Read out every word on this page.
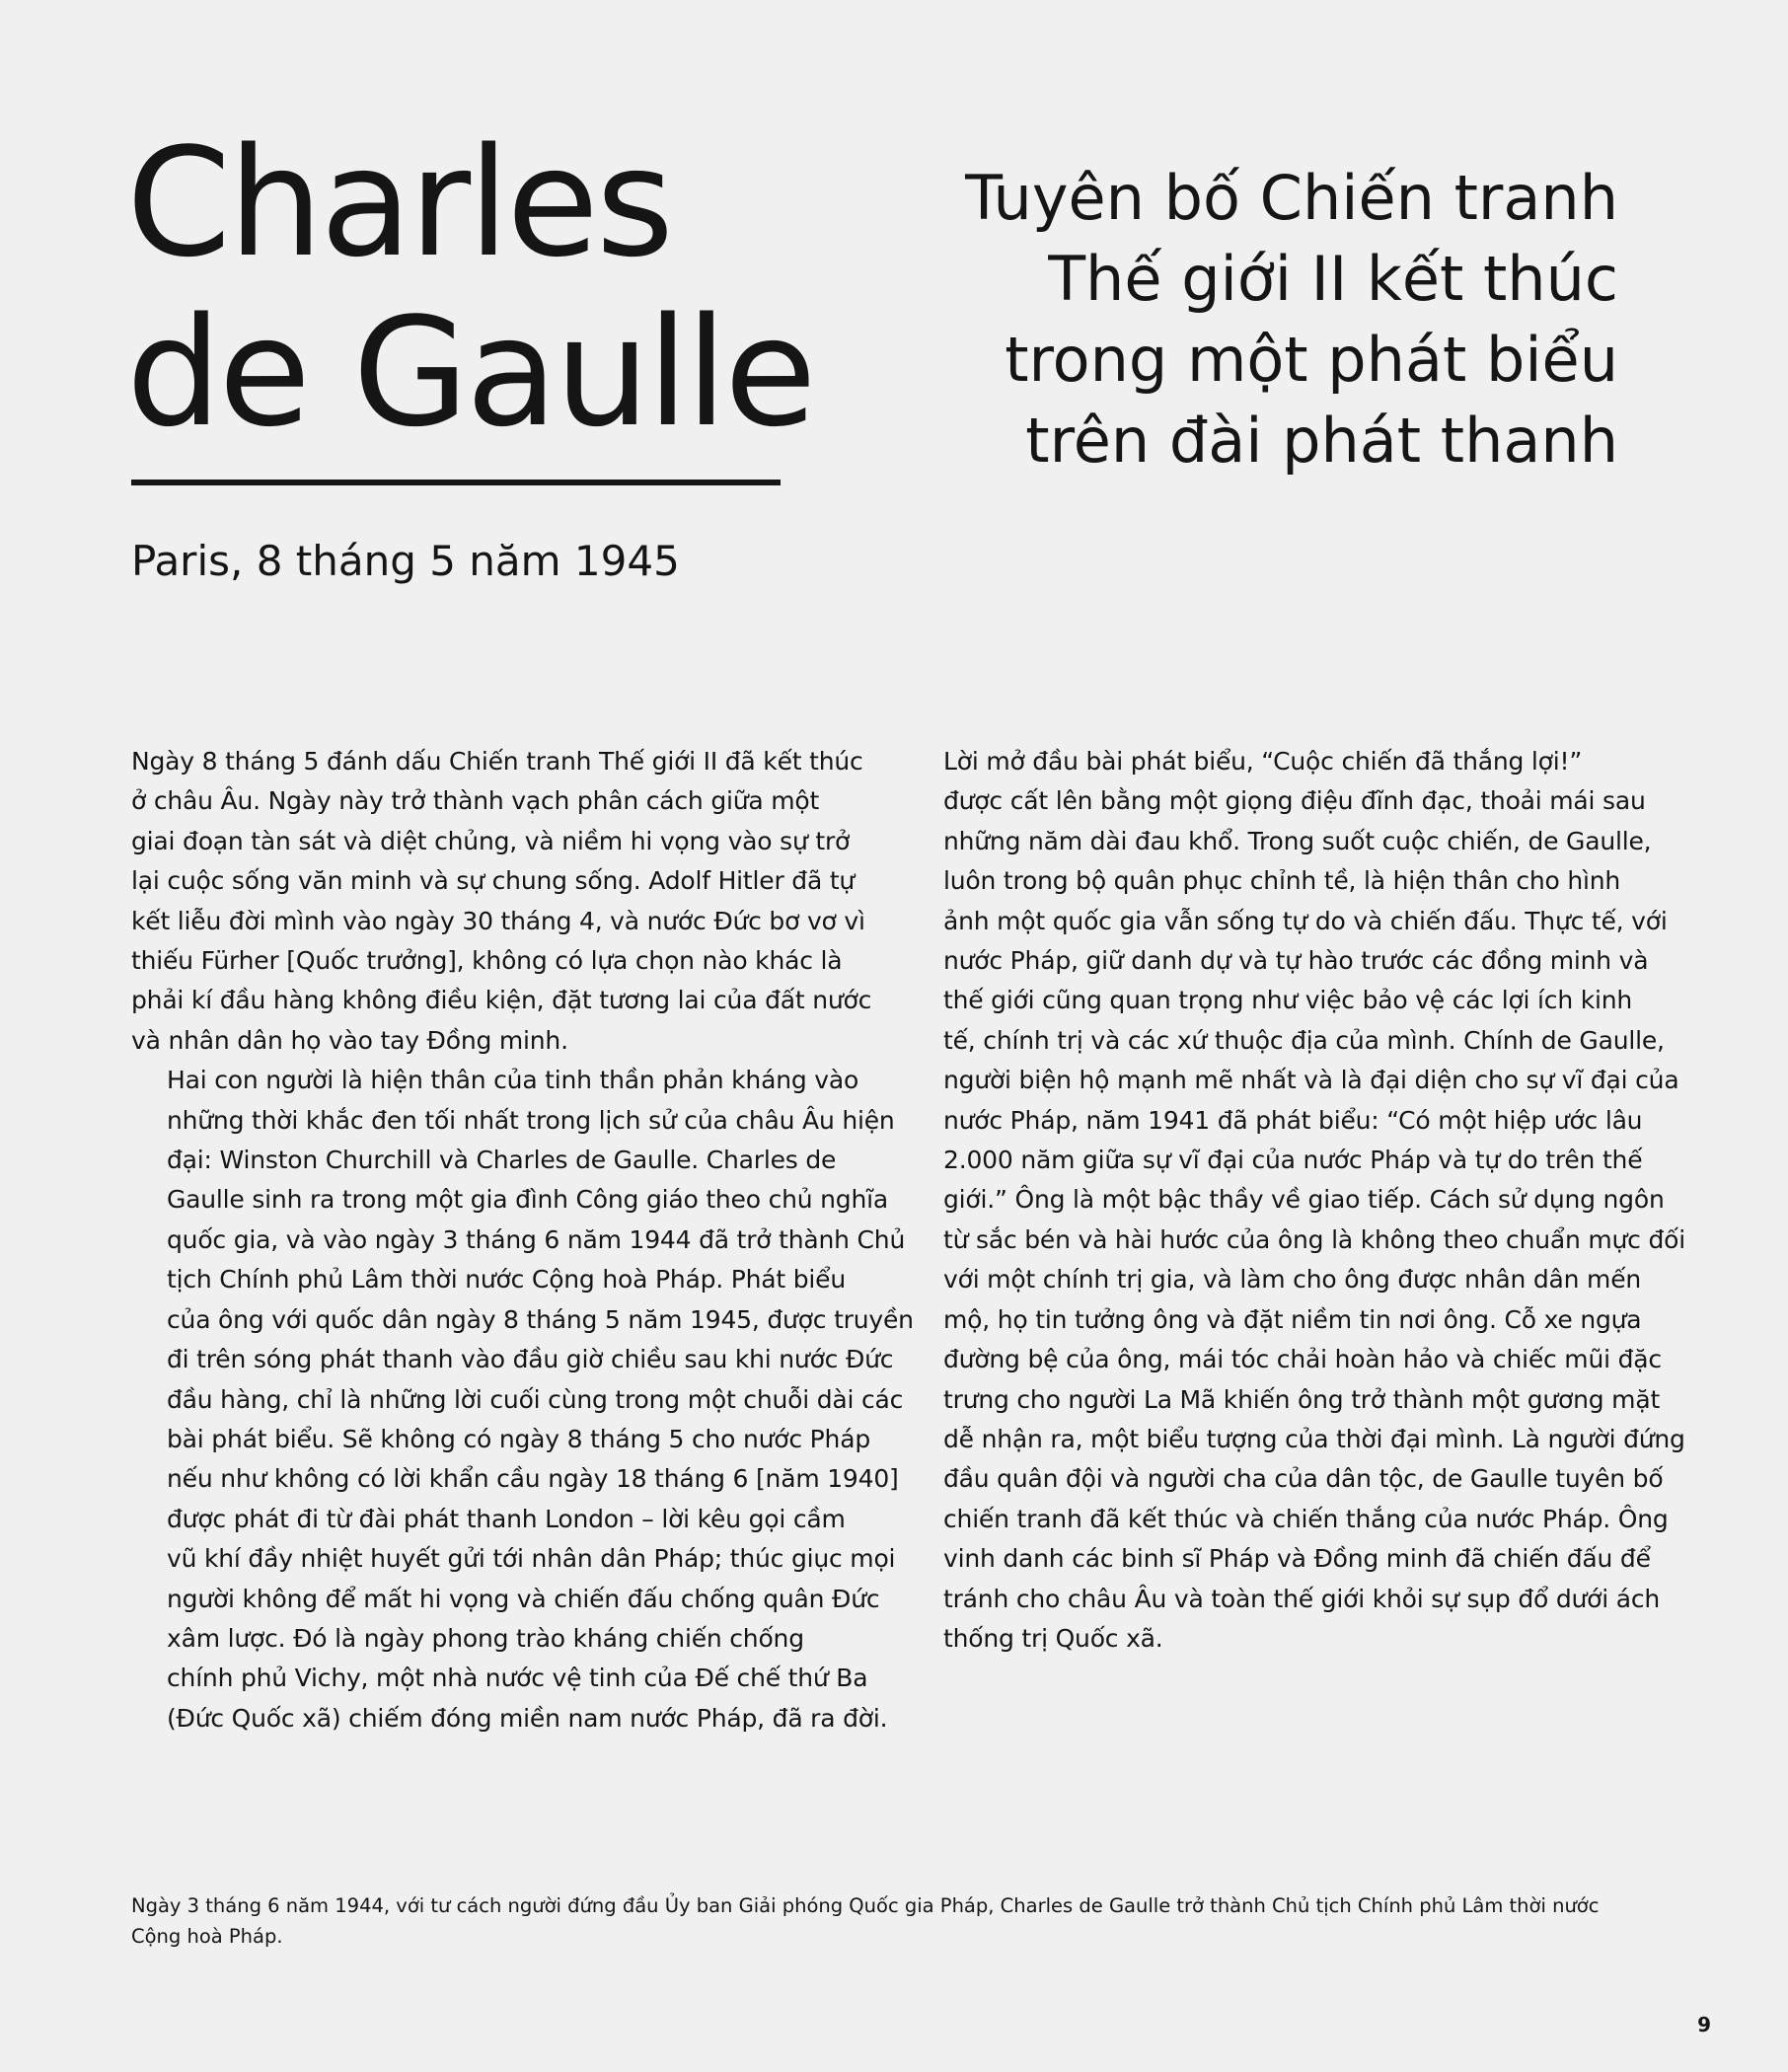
Charles
de Gaulle
Tuyên bố Chiến tranh
Thế giới II kết thúc
trong một phát biểu
trên đài phát thanh
Paris, 8 tháng 5 năm 1945

Ngày 8 tháng 5 đánh dấu Chiến tranh Thế giới II đã kết thúc
ở châu Âu. Ngày này trở thành vạch phân cách giữa một
giai đoạn tàn sát và diệt chủng, và niềm hi vọng vào sự trở
lại cuộc sống văn minh và sự chung sống. Adolf Hitler đã tự
kết liễu đời mình vào ngày 30 tháng 4, và nước Đức bơ vơ vì
thiếu Fürher [Quốc trưởng], không có lựa chọn nào khác là
phải kí đầu hàng không điều kiện, đặt tương lai của đất nước
và nhân dân họ vào tay Đồng minh.

Hai con người là hiện thân của tinh thần phản kháng vào
những thời khắc đen tối nhất trong lịch sử của châu Âu hiện
đại: Winston Churchill và Charles de Gaulle. Charles de
Gaulle sinh ra trong một gia đình Công giáo theo chủ nghĩa
quốc gia, và vào ngày 3 tháng 6 năm 1944 đã trở thành Chủ
tịch Chính phủ Lâm thời nước Cộng hoà Pháp. Phát biểu
của ông với quốc dân ngày 8 tháng 5 năm 1945, được truyền
đi trên sóng phát thanh vào đầu giờ chiều sau khi nước Đức
đầu hàng, chỉ là những lời cuối cùng trong một chuỗi dài các
bài phát biểu. Sẽ không có ngày 8 tháng 5 cho nước Pháp
nếu như không có lời khẩn cầu ngày 18 tháng 6 [năm 1940]
được phát đi từ đài phát thanh London – lời kêu gọi cầm
vũ khí đầy nhiệt huyết gửi tới nhân dân Pháp; thúc giục mọi
người không để mất hi vọng và chiến đấu chống quân Đức
xâm lược. Đó là ngày phong trào kháng chiến chống
chính phủ Vichy, một nhà nước vệ tinh của Đế chế thứ Ba
(Đức Quốc xã) chiếm đóng miền nam nước Pháp, đã ra đời.

Lời mở đầu bài phát biểu, “Cuộc chiến đã thắng lợi!”
được cất lên bằng một giọng điệu đĩnh đạc, thoải mái sau
những năm dài đau khổ. Trong suốt cuộc chiến, de Gaulle,
luôn trong bộ quân phục chỉnh tề, là hiện thân cho hình
ảnh một quốc gia vẫn sống tự do và chiến đấu. Thực tế, với
nước Pháp, giữ danh dự và tự hào trước các đồng minh và
thế giới cũng quan trọng như việc bảo vệ các lợi ích kinh
tế, chính trị và các xứ thuộc địa của mình. Chính de Gaulle,
người biện hộ mạnh mẽ nhất và là đại diện cho sự vĩ đại của
nước Pháp, năm 1941 đã phát biểu: “Có một hiệp ước lâu
2.000 năm giữa sự vĩ đại của nước Pháp và tự do trên thế
giới.” Ông là một bậc thầy về giao tiếp. Cách sử dụng ngôn
từ sắc bén và hài hước của ông là không theo chuẩn mực đối
với một chính trị gia, và làm cho ông được nhân dân mến
mộ, họ tin tưởng ông và đặt niềm tin nơi ông. Cỗ xe ngựa
đường bệ của ông, mái tóc chải hoàn hảo và chiếc mũi đặc
trưng cho người La Mã khiến ông trở thành một gương mặt
dễ nhận ra, một biểu tượng của thời đại mình. Là người đứng
đầu quân đội và người cha của dân tộc, de Gaulle tuyên bố
chiến tranh đã kết thúc và chiến thắng của nước Pháp. Ông
vinh danh các binh sĩ Pháp và Đồng minh đã chiến đấu để
tránh cho châu Âu và toàn thế giới khỏi sự sụp đổ dưới ách
thống trị Quốc xã.

Ngày 3 tháng 6 năm 1944, với tư cách người đứng đầu Ủy ban Giải phóng Quốc gia Pháp, Charles de Gaulle trở thành Chủ tịch Chính phủ Lâm thời nước
Cộng hoà Pháp.
9
